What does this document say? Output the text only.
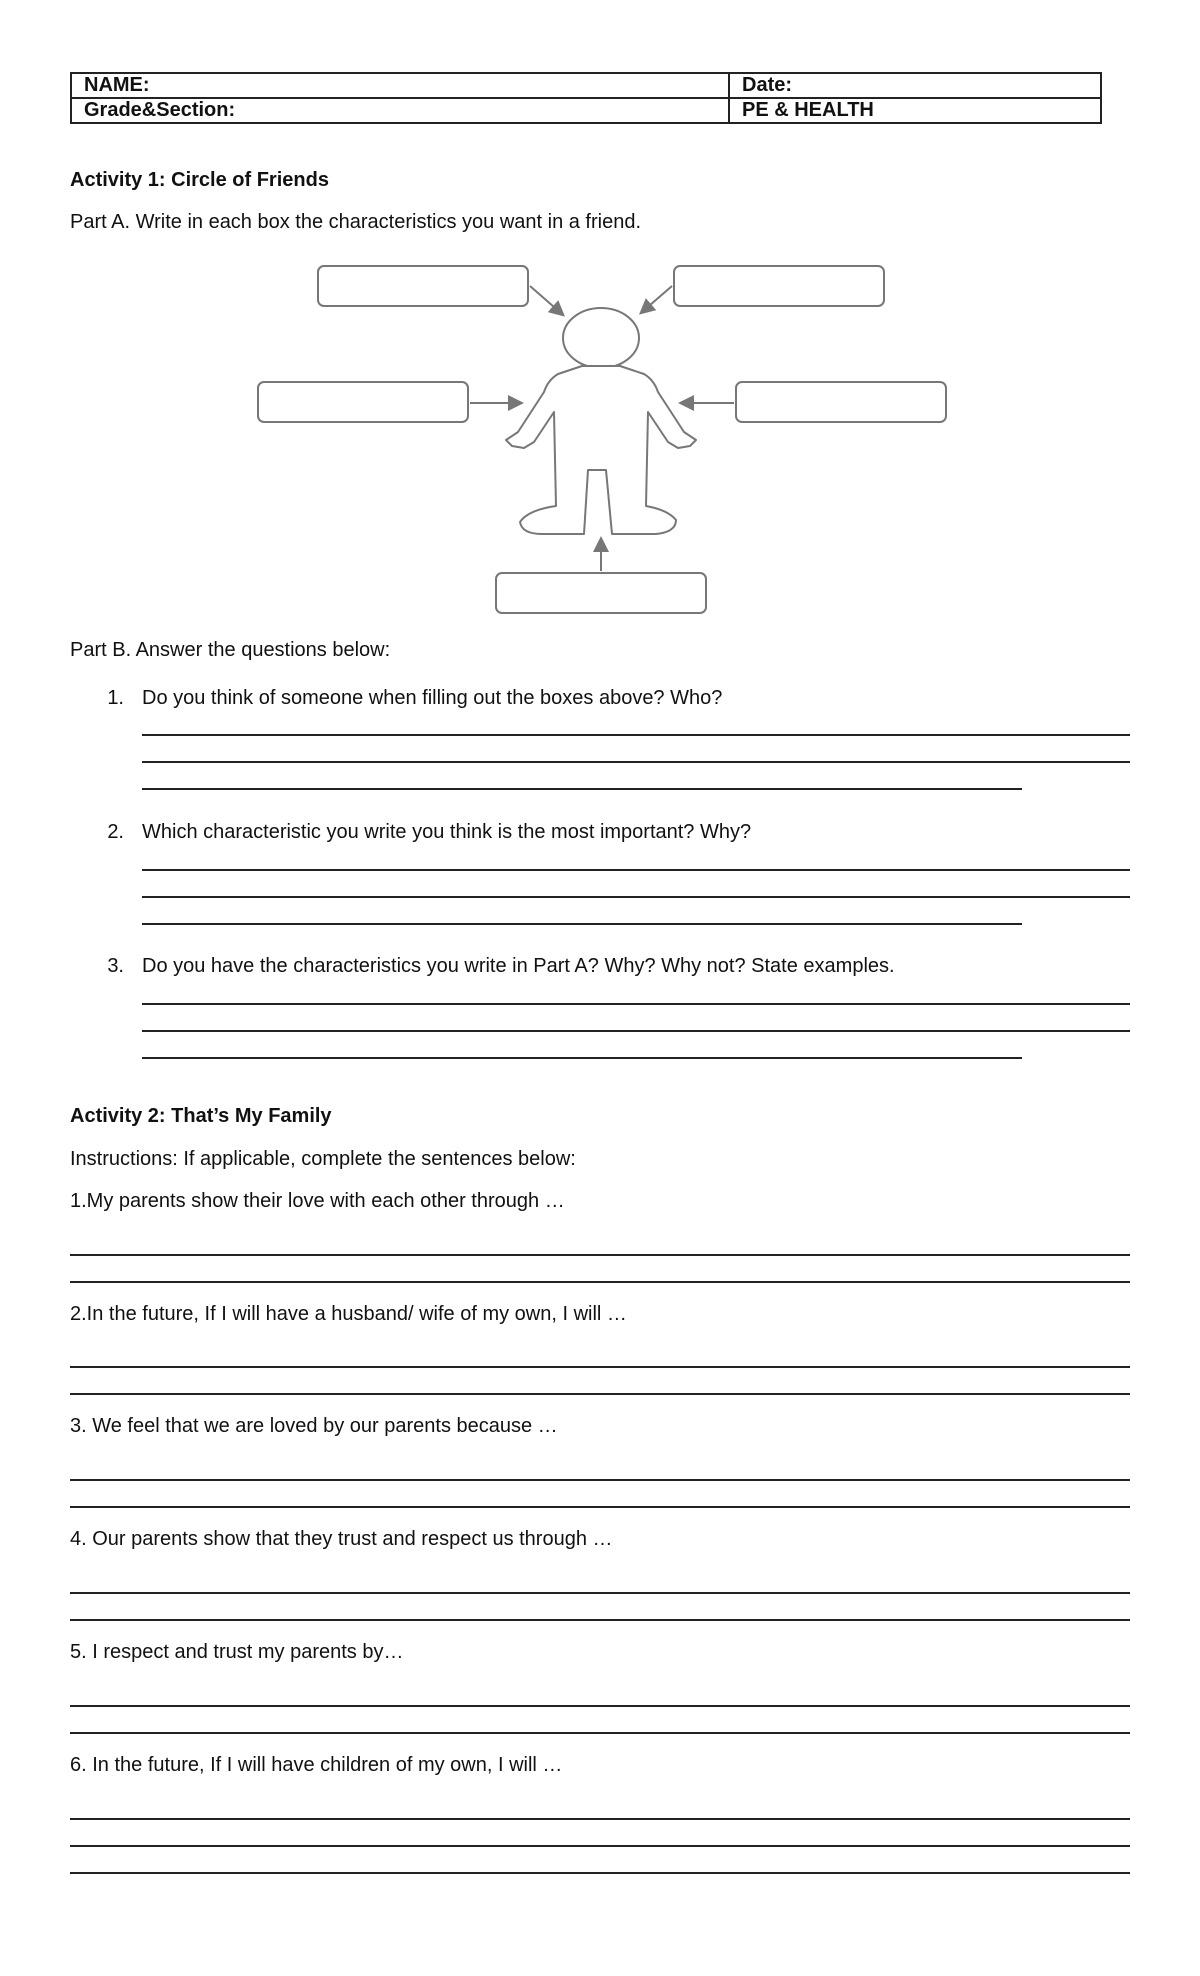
NAME:	Date:
Grade&Section:	PE & HEALTH
Activity 1: Circle of Friends
Part A. Write in each box the characteristics you want in a friend.
Part B. Answer the questions below:
1. Do you think of someone when filling out the boxes above? Who?
2. Which characteristic you write you think is the most important? Why?
3. Do you have the characteristics you write in Part A? Why? Why not? State examples.
Activity 2: That’s My Family
Instructions: If applicable, complete the sentences below:
1.My parents show their love with each other through …
2.In the future, If I will have a husband/ wife of my own, I will …
3. We feel that we are loved by our parents because …
4. Our parents show that they trust and respect us through …
5. I respect and trust my parents by…
6. In the future, If I will have children of my own, I will …
